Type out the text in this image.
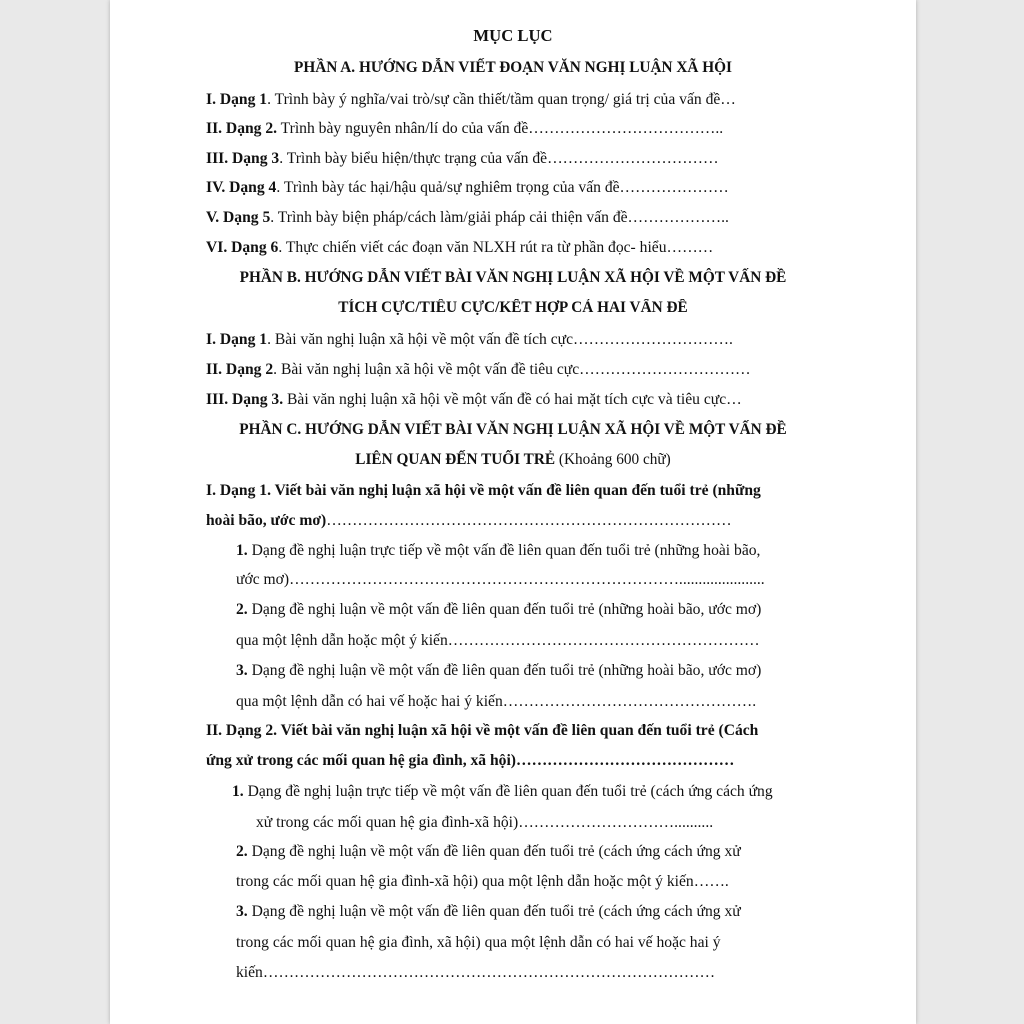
MỤC LỤC
PHẦN A. HƯỚNG DẪN VIẾT ĐOẠN VĂN NGHỊ LUẬN XÃ HỘI
I. Dạng 1. Trình bày ý nghĩa/vai trò/sự cần thiết/tầm quan trọng/ giá trị của vấn đề…
II. Dạng 2. Trình bày nguyên nhân/lí do của vấn đề………………………………..
III. Dạng 3. Trình bày biểu hiện/thực trạng của vấn đề……………………………
IV. Dạng 4. Trình bày tác hại/hậu quả/sự nghiêm trọng của vấn đề…………………
V. Dạng 5. Trình bày biện pháp/cách làm/giải pháp cải thiện vấn đề………………..
VI. Dạng 6. Thực chiến viết các đoạn văn NLXH rút ra từ phần đọc- hiểu………
PHẦN B. HƯỚNG DẪN VIẾT BÀI VĂN NGHỊ LUẬN XÃ HỘI VỀ MỘT VẤN ĐỀ
TÍCH CỰC/TIÊU CỰC/KẾT HỢP CẢ HAI VẤN ĐỀ
I. Dạng 1. Bài văn nghị luận xã hội về một vấn đề tích cực………………………….
II. Dạng 2. Bài văn nghị luận xã hội về một vấn đề tiêu cực……………………………
III. Dạng 3. Bài văn nghị luận xã hội về một vấn đề có hai mặt tích cực và tiêu cực…
PHẦN C. HƯỚNG DẪN VIẾT BÀI VĂN NGHỊ LUẬN XÃ HỘI VỀ MỘT VẤN ĐỀ
LIÊN QUAN ĐẾN TUỔI TRẺ (Khoảng 600 chữ)
I. Dạng 1. Viết bài văn nghị luận xã hội về một vấn đề liên quan đến tuổi trẻ (những
hoài bão, ước mơ)……………………………………………………………………
1. Dạng đề nghị luận trực tiếp về một vấn đề liên quan đến tuổi trẻ (những hoài bão,
ước mơ)…………………………………………………………………......................
2. Dạng đề nghị luận về một vấn đề liên quan đến tuổi trẻ (những hoài bão, ước mơ)
qua một lệnh dẫn hoặc một ý kiến……………………………………………………
3. Dạng đề nghị luận về một vấn đề liên quan đến tuổi trẻ (những hoài bão, ước mơ)
qua một lệnh dẫn có hai vế hoặc hai ý kiến………………………………………….
II. Dạng 2. Viết bài văn nghị luận xã hội về một vấn đề liên quan đến tuổi trẻ (Cách
ứng xử trong các mối quan hệ gia đình, xã hội)……………………………………
1. Dạng đề nghị luận trực tiếp về một vấn đề liên quan đến tuổi trẻ (cách ứng cách ứng
xử trong các mối quan hệ gia đình-xã hội)…………………………..........
2. Dạng đề nghị luận về một vấn đề liên quan đến tuổi trẻ (cách ứng cách ứng xử
trong các mối quan hệ gia đình-xã hội) qua một lệnh dẫn hoặc một ý kiến…….
3. Dạng đề nghị luận về một vấn đề liên quan đến tuổi trẻ (cách ứng cách ứng xử
trong các mối quan hệ gia đình, xã hội) qua một lệnh dẫn có hai vế hoặc hai ý
kiến……………………………………………………………………………
